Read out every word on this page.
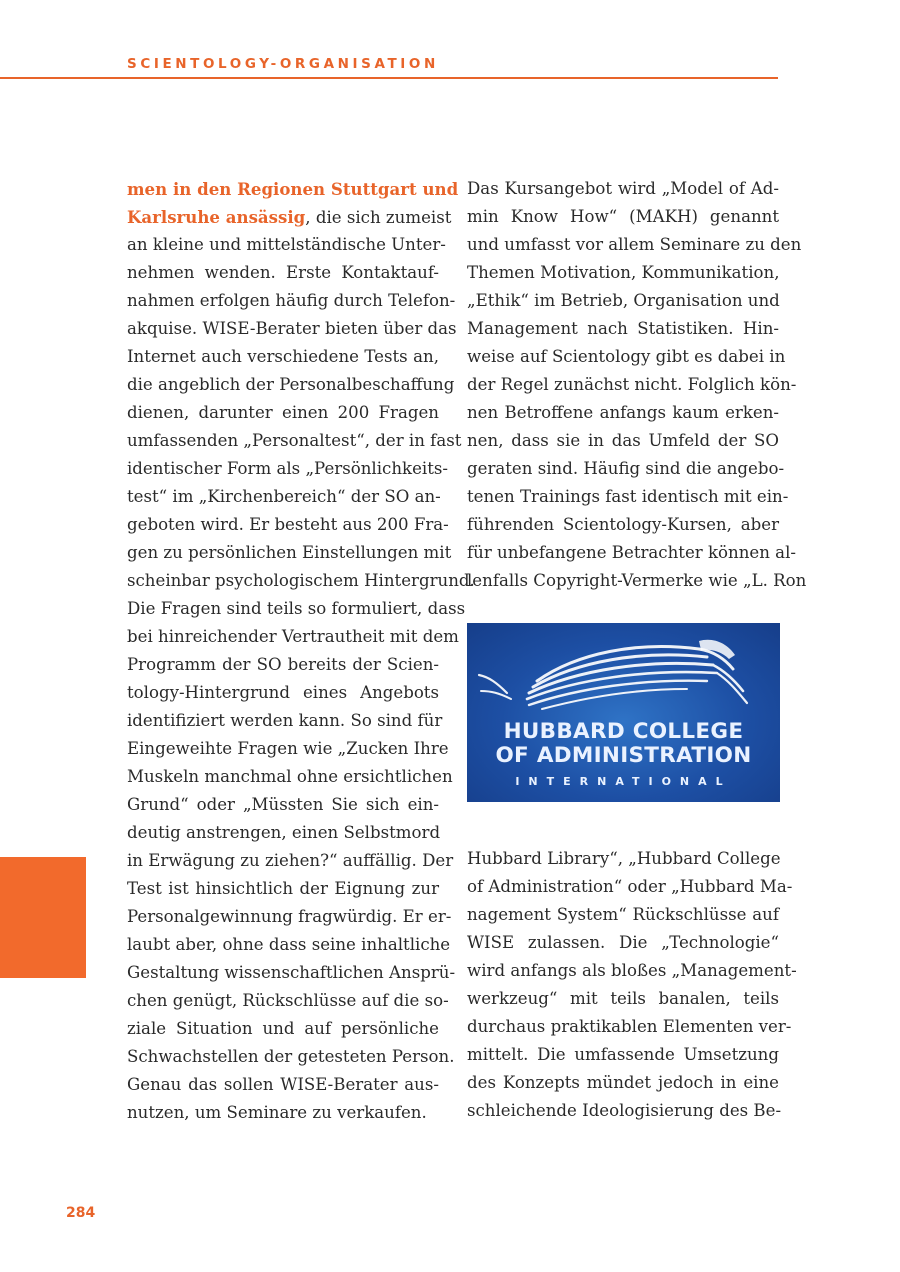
SCIENTOLOGY-ORGANISATION
men in den Regionen Stuttgart und
Karlsruhe ansässig, die sich zumeist
an kleine und mittelständische Unter-
nehmen wenden. Erste Kontaktauf-
nahmen erfolgen häufig durch Telefon-
akquise. WISE-Berater bieten über das
Internet auch verschiedene Tests an,
die angeblich der Personalbeschaffung
dienen, darunter einen 200 Fragen
umfassenden „Personaltest“, der in fast
identischer Form als „Persönlichkeits-
test“ im „Kirchenbereich“ der SO an-
geboten wird. Er besteht aus 200 Fra-
gen zu persönlichen Einstellungen mit
scheinbar psychologischem Hintergrund.
Die Fragen sind teils so formuliert, dass
bei hinreichender Vertrautheit mit dem
Programm der SO bereits der Scien-
tology-Hintergrund eines Angebots
identifiziert werden kann. So sind für
Eingeweihte Fragen wie „Zucken Ihre
Muskeln manchmal ohne ersichtlichen
Grund“ oder „Müssten Sie sich ein-
deutig anstrengen, einen Selbstmord
in Erwägung zu ziehen?“ auffällig. Der
Test ist hinsichtlich der Eignung zur
Personalgewinnung fragwürdig. Er er-
laubt aber, ohne dass seine inhaltliche
Gestaltung wissenschaftlichen Ansprü-
chen genügt, Rückschlüsse auf die so-
ziale Situation und auf persönliche
Schwachstellen der getesteten Person.
Genau das sollen WISE-Berater aus-
nutzen, um Seminare zu verkaufen.
Das Kursangebot wird „Model of Ad-
min Know How“ (MAKH) genannt
und umfasst vor allem Seminare zu den
Themen Motivation, Kommunikation,
„Ethik“ im Betrieb, Organisation und
Management nach Statistiken. Hin-
weise auf Scientology gibt es dabei in
der Regel zunächst nicht. Folglich kön-
nen Betroffene anfangs kaum erken-
nen, dass sie in das Umfeld der SO
geraten sind. Häufig sind die angebo-
tenen Trainings fast identisch mit ein-
führenden Scientology-Kursen, aber
für unbefangene Betrachter können al-
lenfalls Copyright-Vermerke wie „L. Ron
HUBBARD COLLEGE
OF ADMINISTRATION
INTERNATIONAL
Hubbard Library“, „Hubbard College
of Administration“ oder „Hubbard Ma-
nagement System“ Rückschlüsse auf
WISE zulassen. Die „Technologie“
wird anfangs als bloßes „Management-
werkzeug“ mit teils banalen, teils
durchaus praktikablen Elementen ver-
mittelt. Die umfassende Umsetzung
des Konzepts mündet jedoch in eine
schleichende Ideologisierung des Be-
284
